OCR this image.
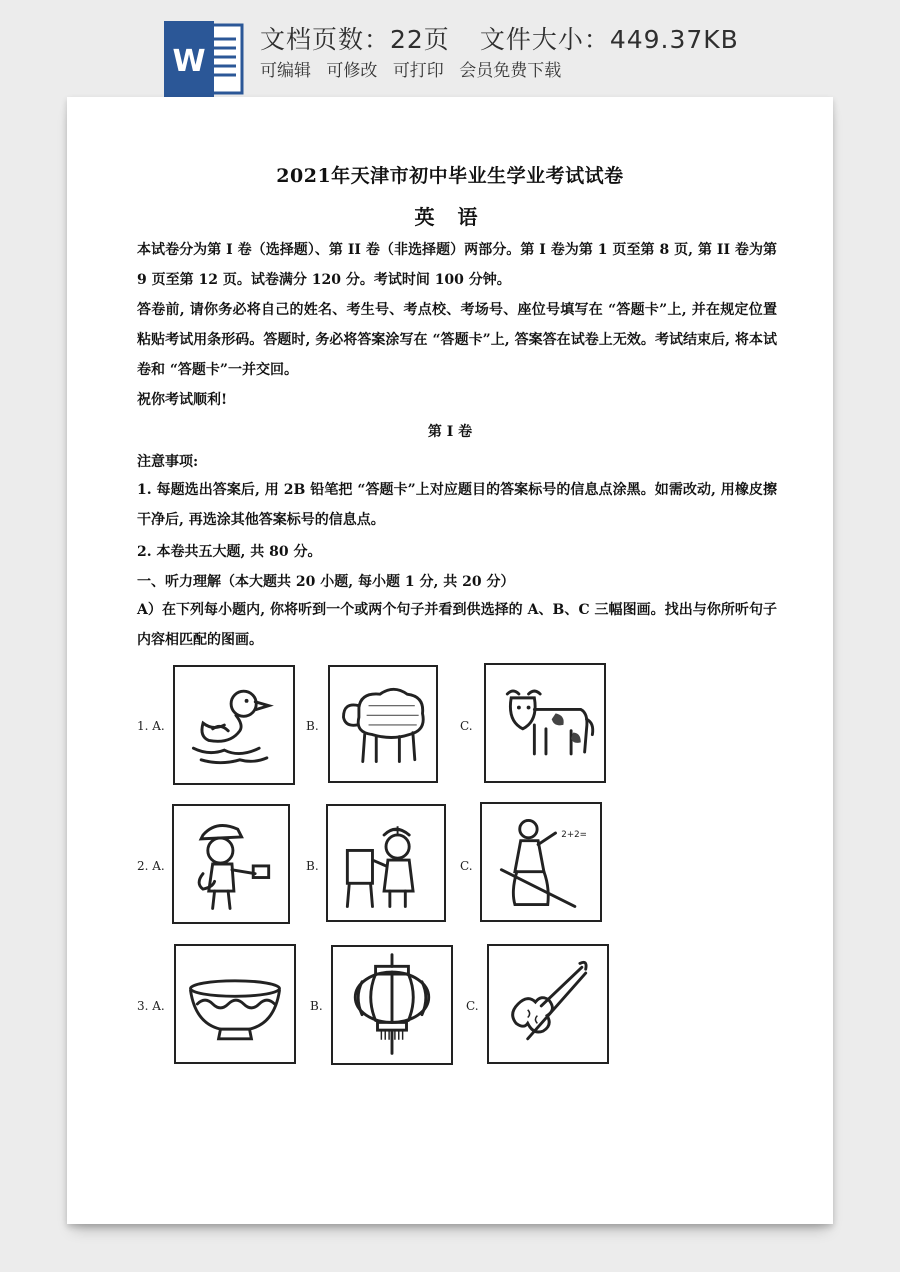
W
文档页数：22页 文件大小：449.37KB
可编辑 可修改 可打印 会员免费下载
2021年天津市初中毕业生学业考试试卷
英 语
本试卷分为第 I 卷（选择题）、第 II 卷（非选择题）两部分。第 I 卷为第 1 页至第 8 页, 第 II 卷为第 9 页至第 12 页。试卷满分 120 分。考试时间 100 分钟。
答卷前, 请你务必将自己的姓名、考生号、考点校、考场号、座位号填写在 “答题卡”上, 并在规定位置粘贴考试用条形码。答题时, 务必将答案涂写在 “答题卡”上, 答案答在试卷上无效。考试结束后, 将本试卷和 “答题卡”一并交回。
祝你考试顺利!
第 I 卷
注意事项:
1. 每题选出答案后, 用 2B 铅笔把 “答题卡”上对应题目的答案标号的信息点涂黑。如需改动, 用橡皮擦干净后, 再选涂其他答案标号的信息点。
2. 本卷共五大题, 共 80 分。
一、听力理解（本大题共 20 小题, 每小题 1 分, 共 20 分）
A）在下列每小题内, 你将听到一个或两个句子并看到供选择的 A、B、C 三幅图画。找出与你所听句子内容相匹配的图画。
1. A.	B.	C.
2. A.	B.	C.
2+2=
3. A.	B.	C.
